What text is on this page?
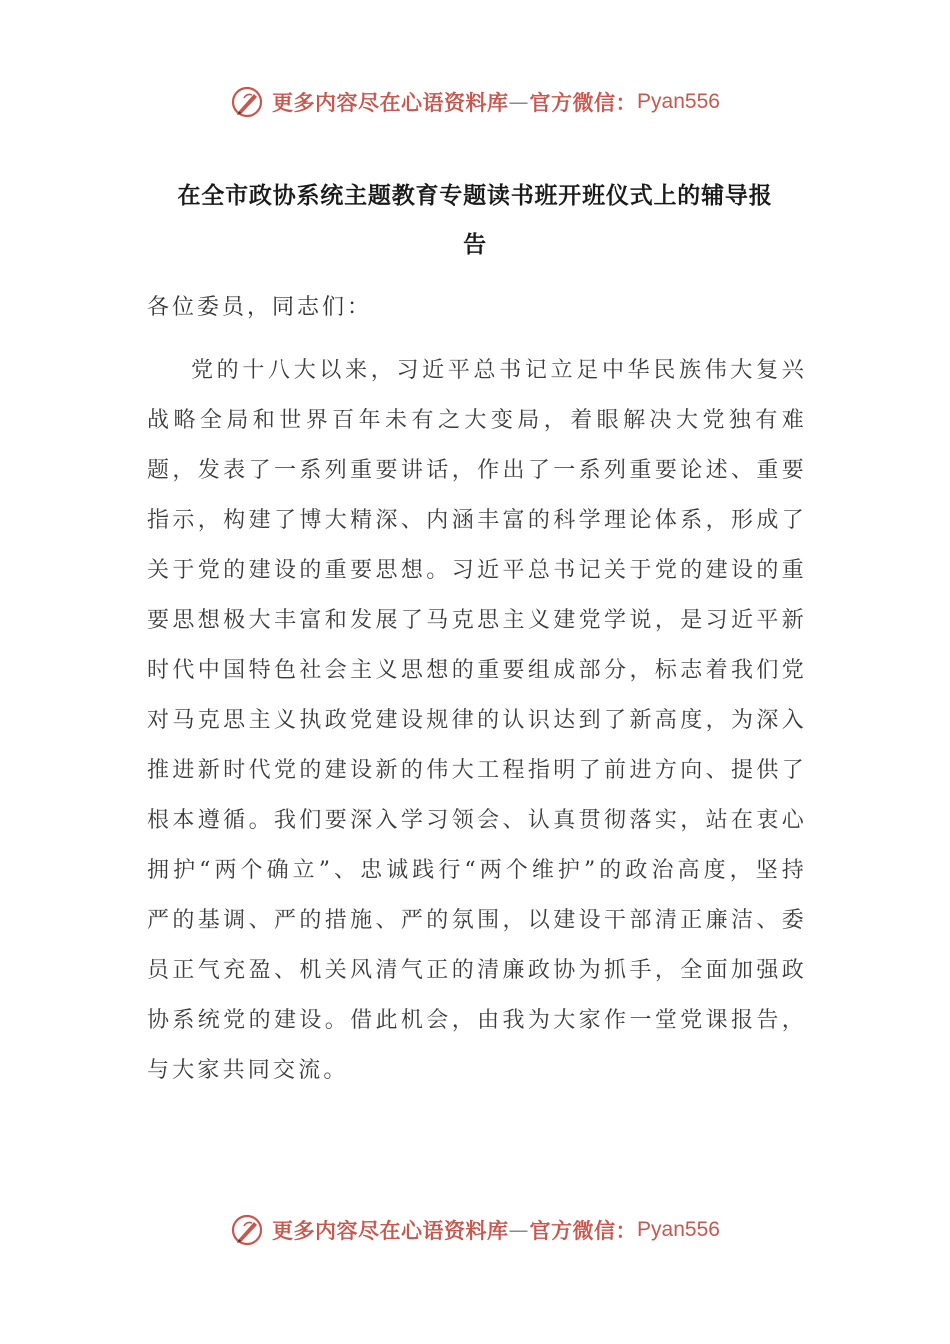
更多内容尽在心语资料库 — 官方微信： Pyan556
在全市政协系统主题教育专题读书班开班仪式上的辅导报
告
各位委员，同志们：

党的十八大以来，习近平总书记立足中华民族伟大复兴战略全局和世界百年未有之大变局，着眼解决大党独有难题，发表了一系列重要讲话，作出了一系列重要论述、重要指示，构建了博大精深、内涵丰富的科学理论体系，形成了关于党的建设的重要思想。习近平总书记关于党的建设的重要思想极大丰富和发展了马克思主义建党学说，是习近平新时代中国特色社会主义思想的重要组成部分，标志着我们党对马克思主义执政党建设规律的认识达到了新高度，为深入推进新时代党的建设新的伟大工程指明了前进方向、提供了根本遵循。我们要深入学习领会、认真贯彻落实，站在衷心拥护“两个确立”、忠诚践行“两个维护”的政治高度，坚持严的基调、严的措施、严的氛围，以建设干部清正廉洁、委员正气充盈、机关风清气正的清廉政协为抓手，全面加强政协系统党的建设。借此机会，由我为大家作一堂党课报告，与大家共同交流。

更多内容尽在心语资料库 — 官方微信： Pyan556
